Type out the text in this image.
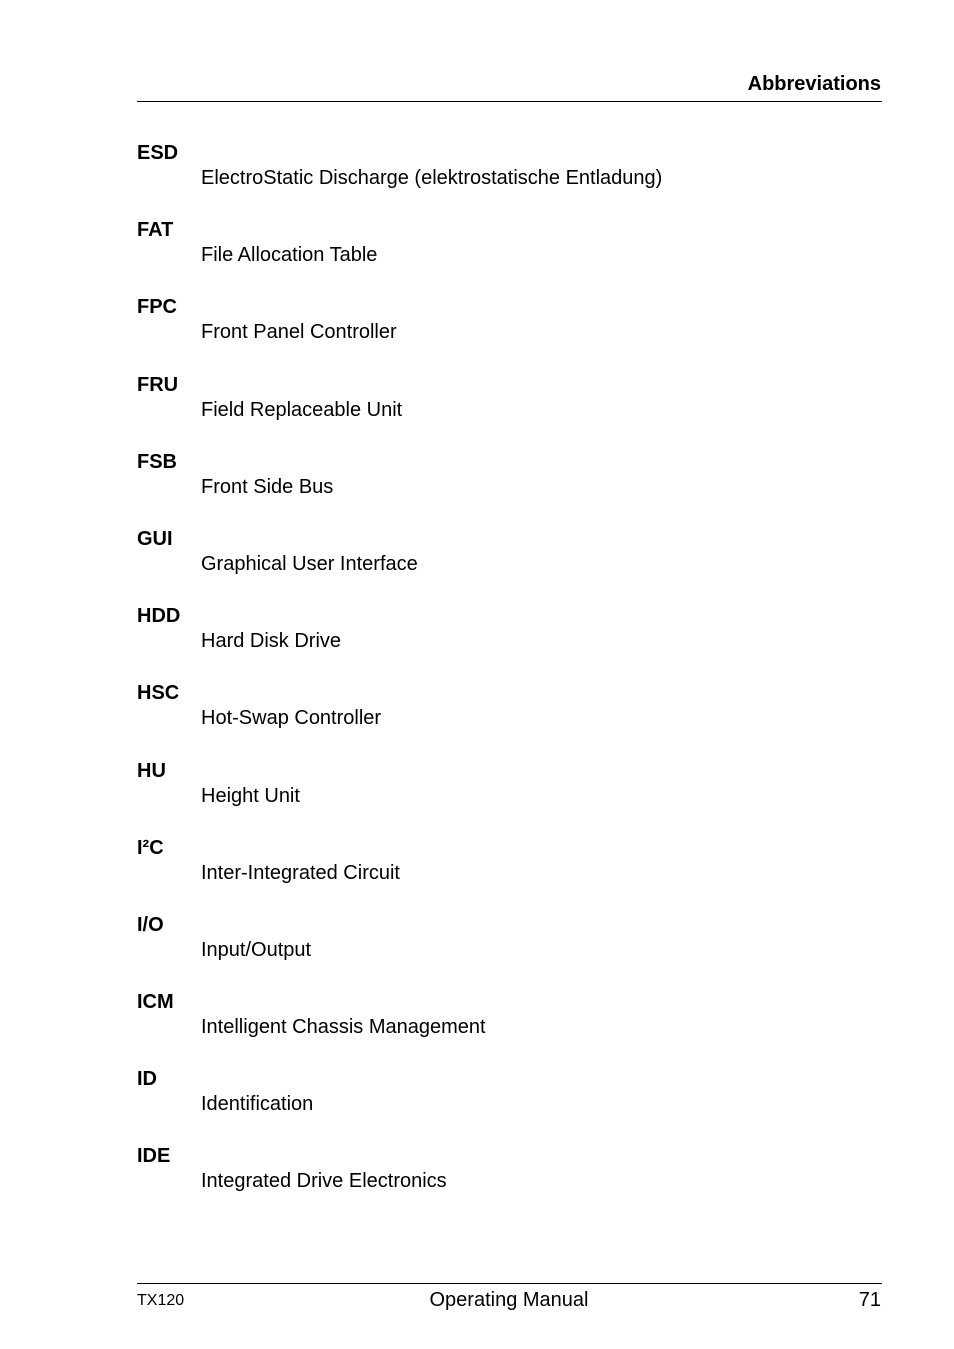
Abbreviations
ESD
ElectroStatic Discharge (elektrostatische Entladung)
FAT
File Allocation Table
FPC
Front Panel Controller
FRU
Field Replaceable Unit
FSB
Front Side Bus
GUI
Graphical User Interface
HDD
Hard Disk Drive
HSC
Hot-Swap Controller
HU
Height Unit
I²C
Inter-Integrated Circuit
I/O
Input/Output
ICM
Intelligent Chassis Management
ID
Identification
IDE
Integrated Drive Electronics
TX120	Operating Manual	71
